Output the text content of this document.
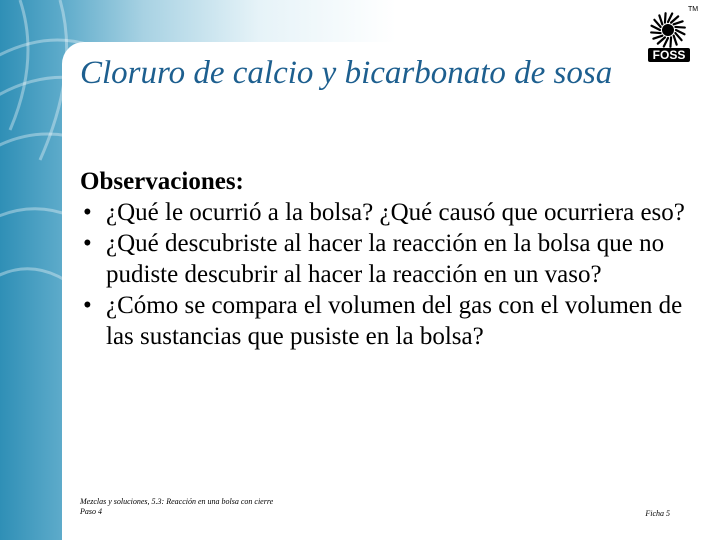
Cloruro de calcio y bicarbonato de sosa

Observaciones:

• ¿Qué le ocurrió a la bolsa? ¿Qué causó que ocurriera eso?
• ¿Qué descubriste al hacer la reacción en la bolsa que no pudiste descubrir al hacer la reacción en un vaso?
• ¿Cómo se compara el volumen del gas con el volumen de las sustancias que pusiste en la bolsa?
FOSS
TM
Mezclas y soluciones, 5.3: Reacción en una bolsa con cierre
Paso 4	Ficha 5
